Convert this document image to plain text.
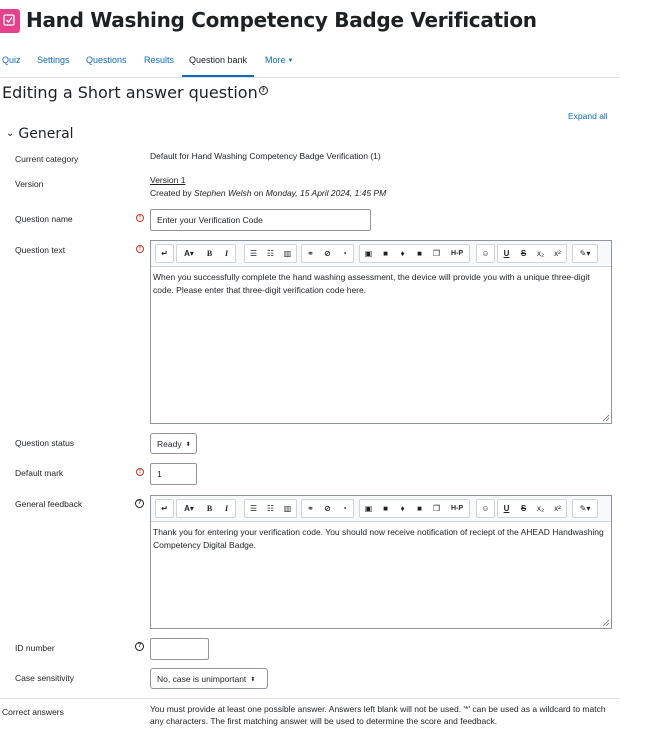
Hand Washing Competency Badge Verification
Quiz Settings Questions Results	Question bank	More ▼
Editing a Short answer question ?
Expand all
⌄ General
Current category	Default for Hand Washing Competency Badge Verification (1)
Version	Version 1
Created by Stephen Welsh on Monday, 15 April 2024, 1:45 PM
Question name	!
Enter your Verification Code
Question text	!	↵	A▾	B	I	☰	☷	▥	⚭	⊘	◔	▣	■	♦	■	❐	H-P	☺	U	S	x₂	x²	✎▾
When you successfully complete the hand washing assessment, the device will provide you with a unique three-digit code. Please enter that three-digit verification code here.
Question status	Ready ⬍
Default mark	!
1
General feedback	?
↵	A▾	B	I	☰	☷	▥	⚭	⊘	◔	▣	■	♦	■	❐	H-P	☺	U	S	x₂	x²	✎▾
Thank you for entering your verification code. You should now receive notification of reciept of the AHEAD Handwashing Competency Digital Badge.
ID number	?
Case sensitivity	No, case is unimportant ⬍
Correct answers	You must provide at least one possible answer. Answers left blank will not be used. '*' can be used as a wildcard to match any characters. The first matching answer will be used to determine the score and feedback.
